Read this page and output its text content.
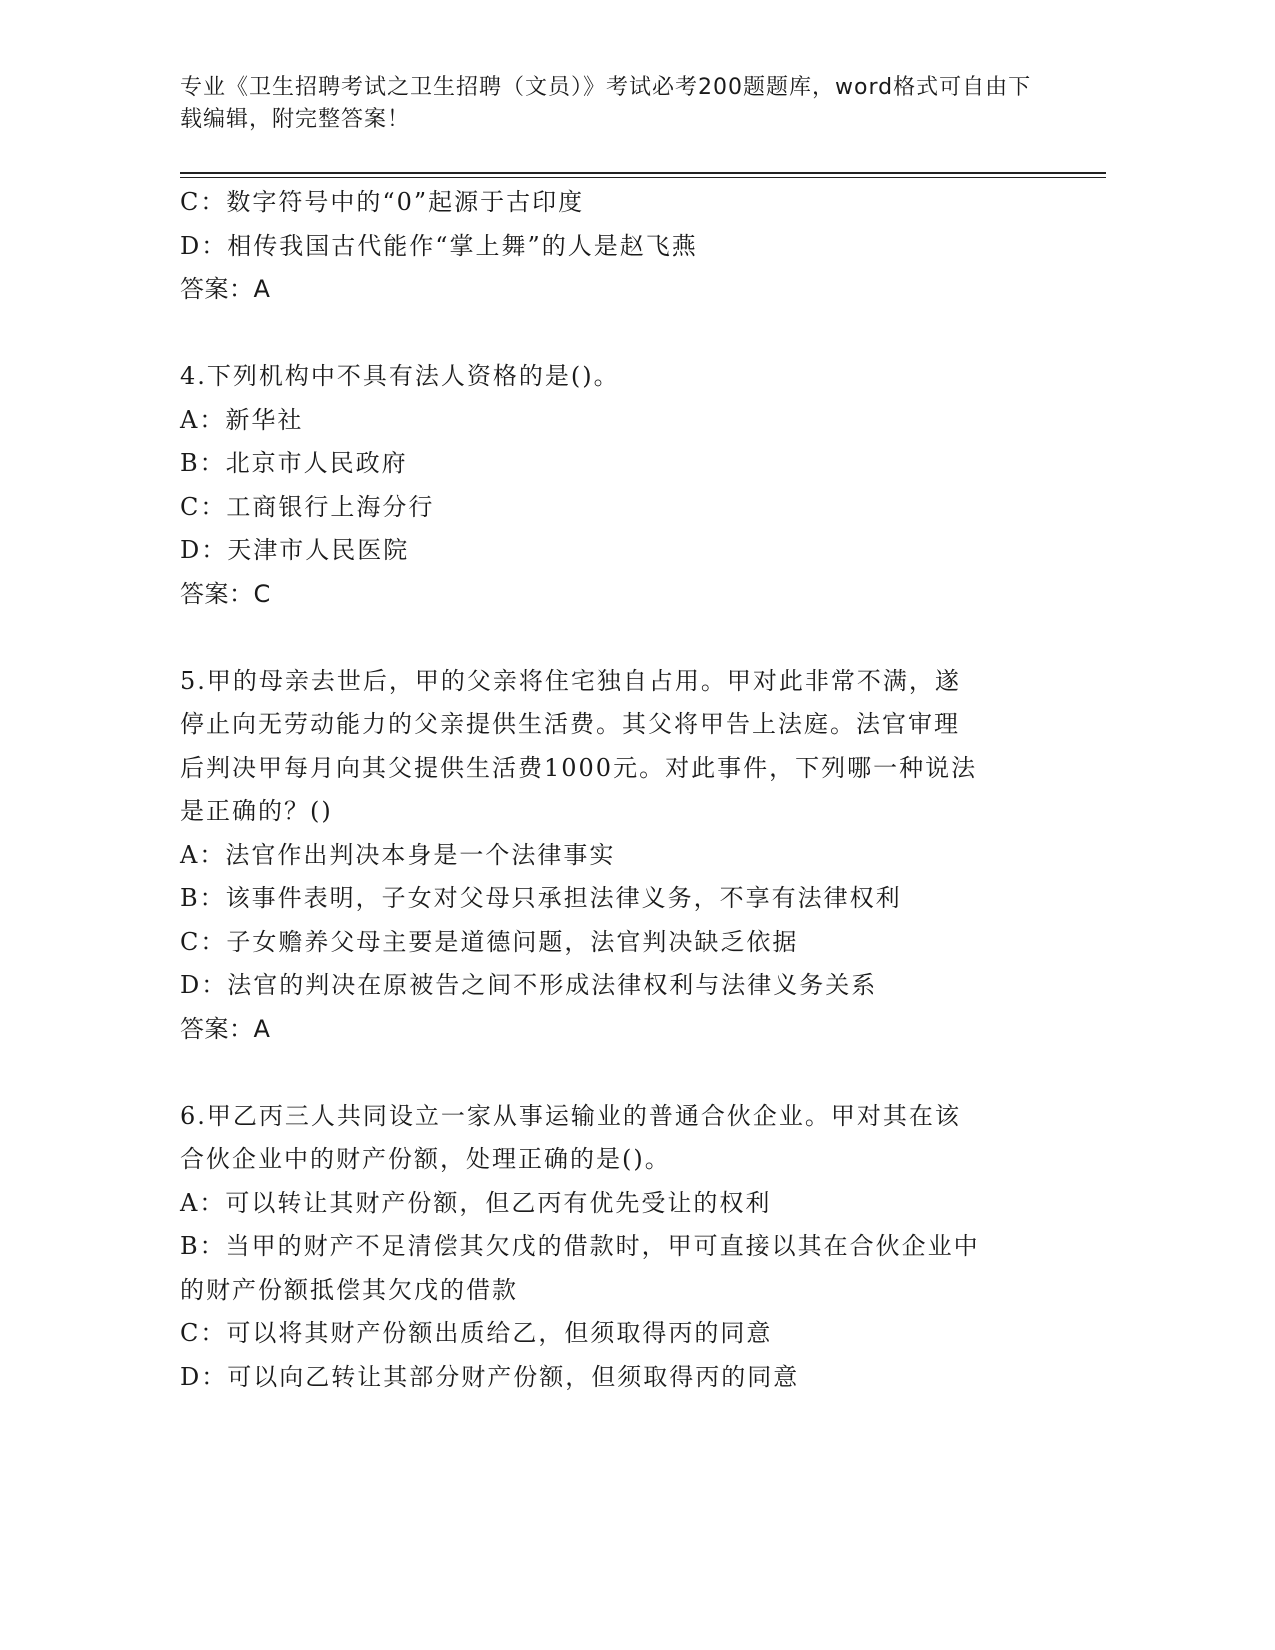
专业《卫生招聘考试之卫生招聘（文员）》考试必考200题题库，word格式可自由下载编辑，附完整答案！
C：数字符号中的“0”起源于古印度
D：相传我国古代能作“掌上舞”的人是赵飞燕
答案：A
4.下列机构中不具有法人资格的是()。
A：新华社
B：北京市人民政府
C：工商银行上海分行
D：天津市人民医院
答案：C
5.甲的母亲去世后，甲的父亲将住宅独自占用。甲对此非常不满，遂
停止向无劳动能力的父亲提供生活费。其父将甲告上法庭。法官审理
后判决甲每月向其父提供生活费1000元。对此事件，下列哪一种说法
是正确的？()
A：法官作出判决本身是一个法律事实
B：该事件表明，子女对父母只承担法律义务，不享有法律权利
C：子女赡养父母主要是道德问题，法官判决缺乏依据
D：法官的判决在原被告之间不形成法律权利与法律义务关系
答案：A
6.甲乙丙三人共同设立一家从事运输业的普通合伙企业。甲对其在该
合伙企业中的财产份额，处理正确的是()。
A：可以转让其财产份额，但乙丙有优先受让的权利
B：当甲的财产不足清偿其欠戊的借款时，甲可直接以其在合伙企业中
的财产份额抵偿其欠戊的借款
C：可以将其财产份额出质给乙，但须取得丙的同意
D：可以向乙转让其部分财产份额，但须取得丙的同意
